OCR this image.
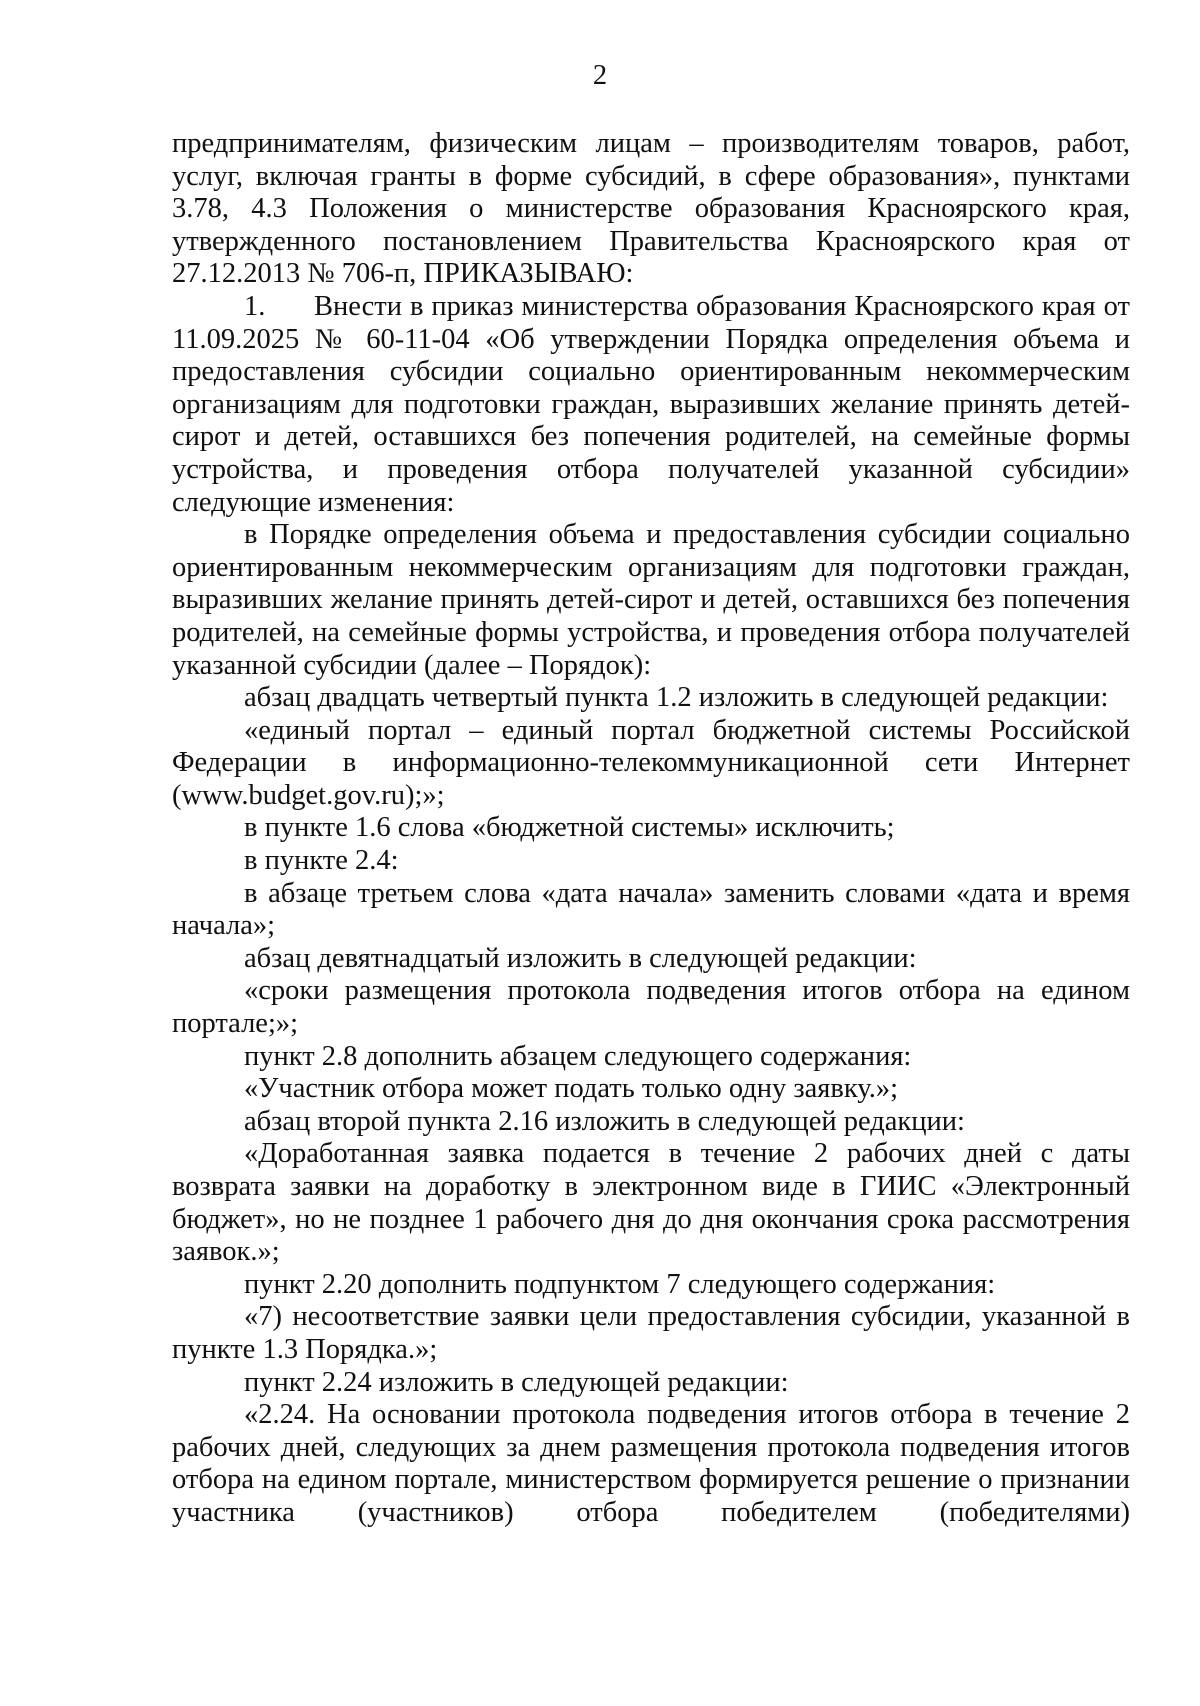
2

предпринимателям, физическим лицам – производителям товаров, работ, услуг, включая гранты в форме субсидий, в сфере образования», пунктами 3.78, 4.3 Положения о министерстве образования Красноярского края, утвержденного постановлением Правительства Красноярского края от 27.12.2013 № 706-п, ПРИКАЗЫВАЮ:

1. Внести в приказ министерства образования Красноярского края от 11.09.2025 № 60-11-04 «Об утверждении Порядка определения объема и предоставления субсидии социально ориентированным некоммерческим организациям для подготовки граждан, выразивших желание принять детей-сирот и детей, оставшихся без попечения родителей, на семейные формы устройства, и проведения отбора получателей указанной субсидии» следующие изменения:

в Порядке определения объема и предоставления субсидии социально ориентированным некоммерческим организациям для подготовки граждан, выразивших желание принять детей-сирот и детей, оставшихся без попечения родителей, на семейные формы устройства, и проведения отбора получателей указанной субсидии (далее – Порядок):

абзац двадцать четвертый пункта 1.2 изложить в следующей редакции:

«единый портал – единый портал бюджетной системы Российской Федерации в информационно-телекоммуникационной сети Интернет (www.budget.gov.ru);»;

в пункте 1.6 слова «бюджетной системы» исключить;

в пункте 2.4:

в абзаце третьем слова «дата начала» заменить словами «дата и время начала»;

абзац девятнадцатый изложить в следующей редакции:

«сроки размещения протокола подведения итогов отбора на едином портале;»;

пункт 2.8 дополнить абзацем следующего содержания:

«Участник отбора может подать только одну заявку.»;

абзац второй пункта 2.16 изложить в следующей редакции:

«Доработанная заявка подается в течение 2 рабочих дней с даты возврата заявки на доработку в электронном виде в ГИИС «Электронный бюджет», но не позднее 1 рабочего дня до дня окончания срока рассмотрения заявок.»;

пункт 2.20 дополнить подпунктом 7 следующего содержания:

«7) несоответствие заявки цели предоставления субсидии, указанной в пункте 1.3 Порядка.»;

пункт 2.24 изложить в следующей редакции:

«2.24. На основании протокола подведения итогов отбора в течение 2 рабочих дней, следующих за днем размещения протокола подведения итогов отбора на едином портале, министерством формируется решение о признании участника (участников) отбора победителем (победителями)
